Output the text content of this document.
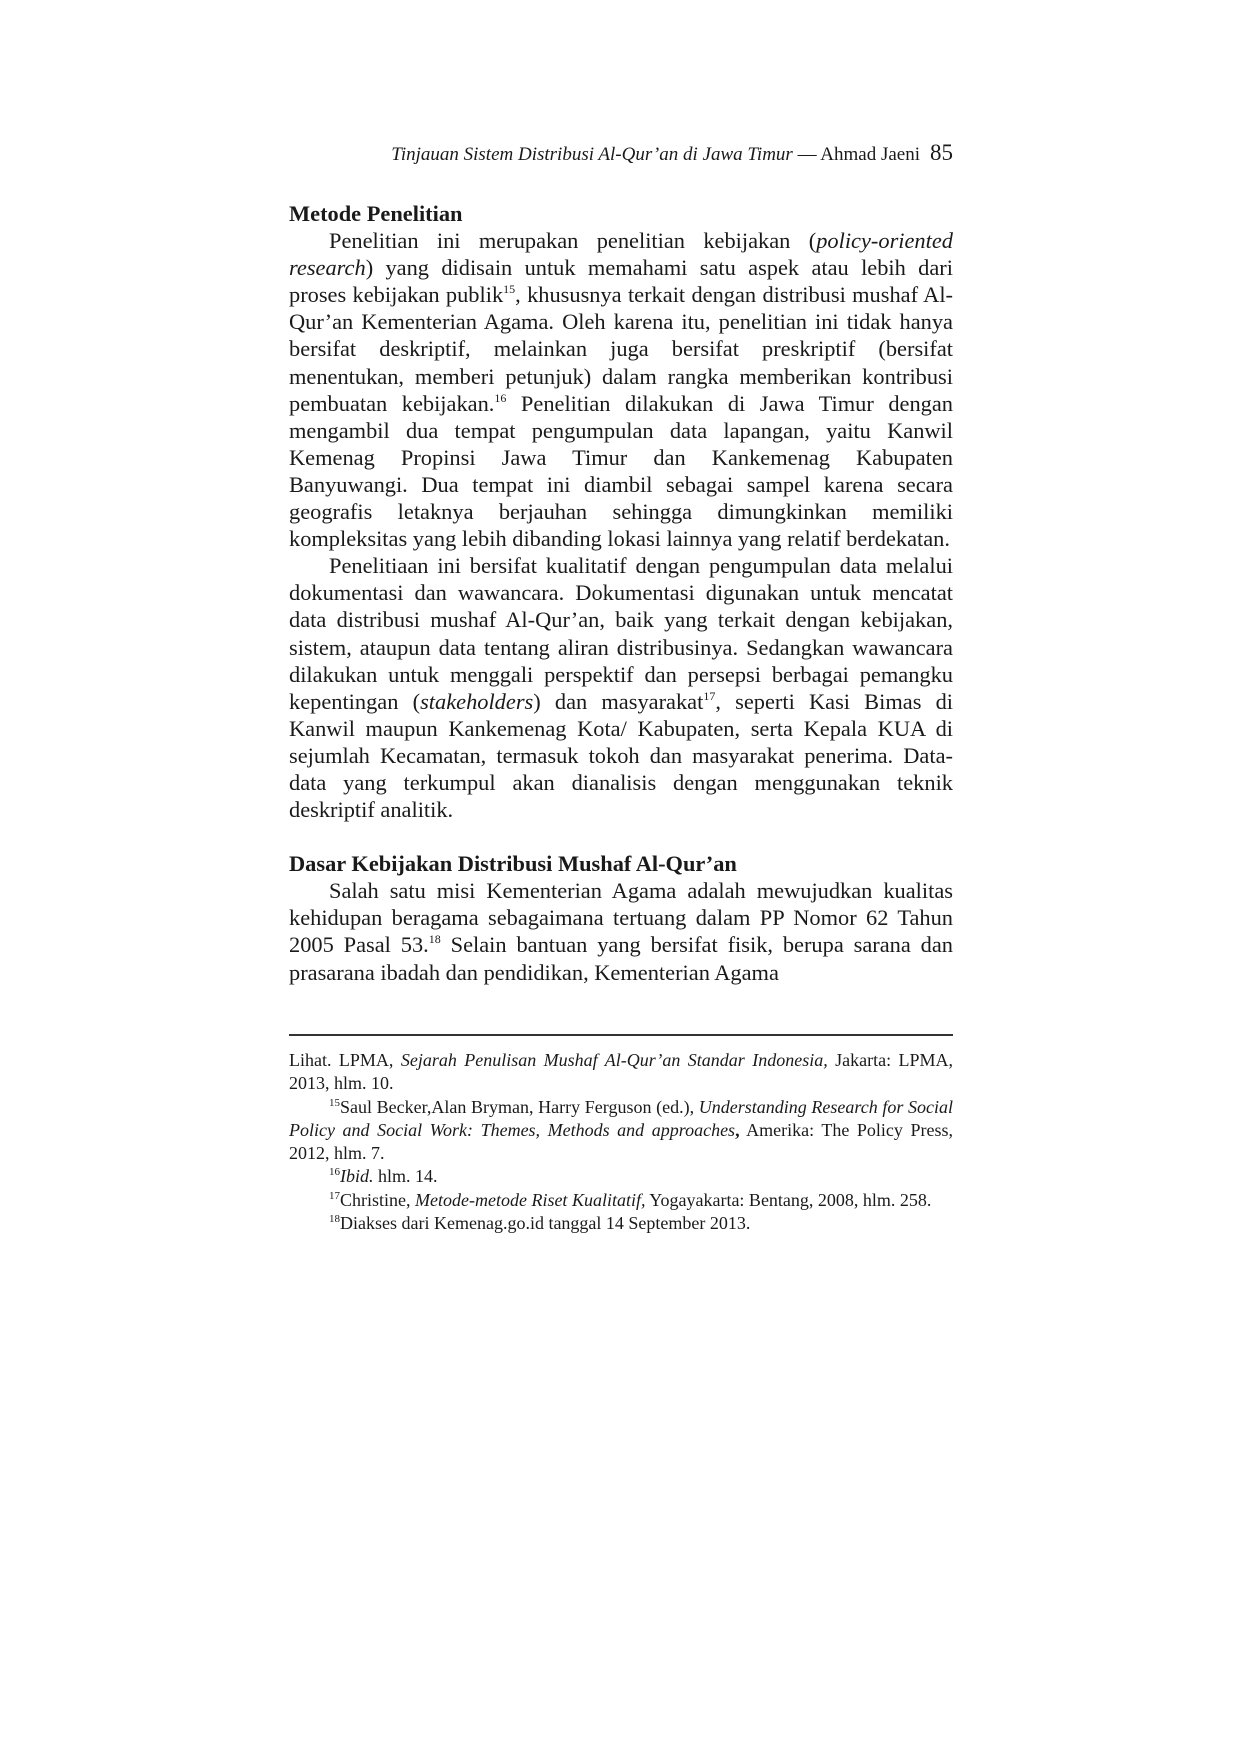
Tinjauan Sistem Distribusi Al-Qur’an di Jawa Timur — Ahmad Jaeni 85
Metode Penelitian

Penelitian ini merupakan penelitian kebijakan (policy-oriented research) yang didisain untuk memahami satu aspek atau lebih dari proses kebijakan publik$^{15}$, khususnya terkait dengan distribusi mushaf Al-Qur’an Kementerian Agama. Oleh karena itu, penelitian ini tidak hanya bersifat deskriptif, melainkan juga bersifat preskriptif (bersifat menentukan, memberi petunjuk) dalam rangka memberikan kontribusi pembuatan kebijakan.$^{16}$ Penelitian dilakukan di Jawa Timur dengan mengambil dua tempat pengumpulan data lapangan, yaitu Kanwil Kemenag Propinsi Jawa Timur dan Kankemenag Kabupaten Banyuwangi. Dua tempat ini diambil sebagai sampel karena secara geografis letaknya berjauhan sehingga dimungkinkan memiliki kompleksitas yang lebih dibanding lokasi lainnya yang relatif berdekatan.

Penelitiaan ini bersifat kualitatif dengan pengumpulan data melalui dokumentasi dan wawancara. Dokumentasi digunakan untuk mencatat data distribusi mushaf Al-Qur’an, baik yang terkait dengan kebijakan, sistem, ataupun data tentang aliran distribusinya. Sedangkan wawancara dilakukan untuk menggali perspektif dan persepsi berbagai pemangku kepentingan (stakeholders) dan masyarakat$^{17}$, seperti Kasi Bimas di Kanwil maupun Kankemenag Kota/ Kabupaten, serta Kepala KUA di sejumlah Kecamatan, termasuk tokoh dan masyarakat penerima. Data-data yang terkumpul akan dianalisis dengan menggunakan teknik deskriptif analitik.

Dasar Kebijakan Distribusi Mushaf Al-Qur’an

Salah satu misi Kementerian Agama adalah mewujudkan kualitas kehidupan beragama sebagaimana tertuang dalam PP Nomor 62 Tahun 2005 Pasal 53.18 Selain bantuan yang bersifat fisik, berupa sarana dan prasarana ibadah dan pendidikan, Kementerian Agama

Lihat. LPMA, Sejarah Penulisan Mushaf Al-Qur’an Standar Indonesia, Jakarta: LPMA, 2013, hlm. 10.

$^{15}$Saul Becker,Alan Bryman, Harry Ferguson (ed.), Understanding Research for Social Policy and Social Work: Themes, Methods and approaches, Amerika: The Policy Press, 2012, hlm. 7.

$^{16}$Ibid. hlm. 14.

$^{17}$Christine, Metode-metode Riset Kualitatif, Yogayakarta: Bentang, 2008, hlm. 258.

$^{18}$Diakses dari Kemenag.go.id tanggal 14 September 2013.
